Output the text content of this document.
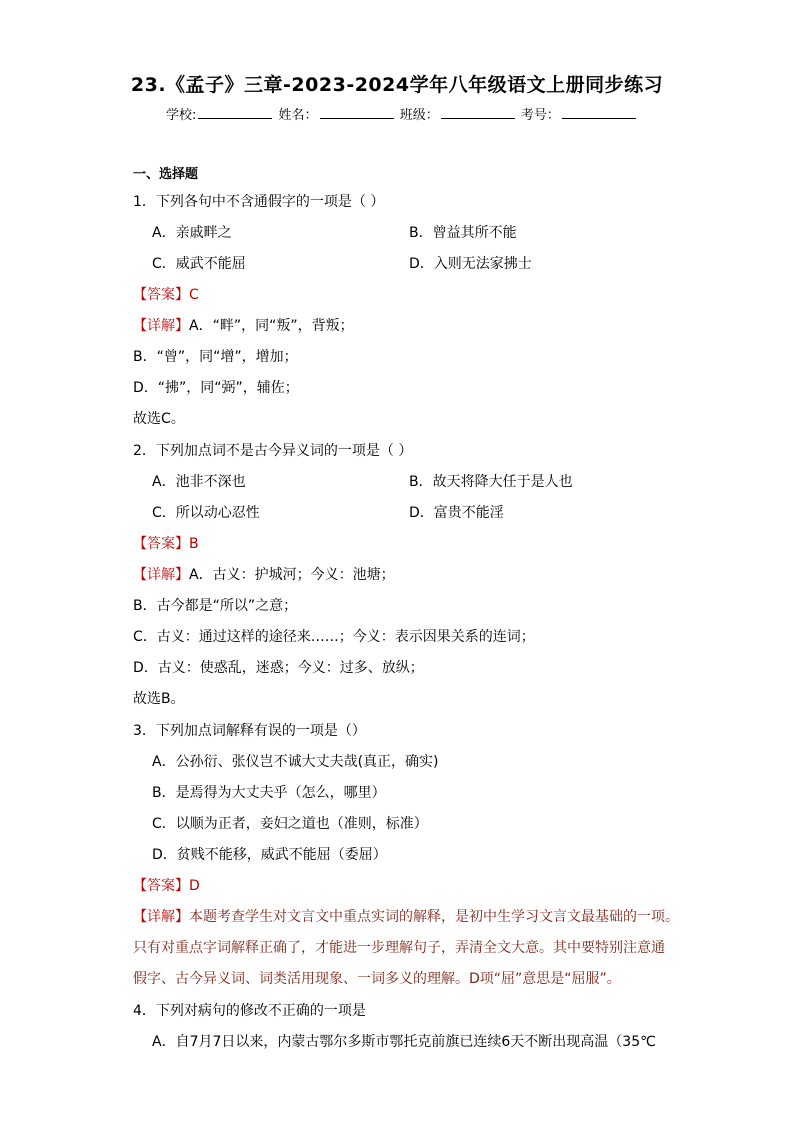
23.《孟子》三章-2023-2024学年八年级语文上册同步练习
学校:	姓名：	班级：	考号：
一、选择题
1．下列各句中不含通假字的一项是（ ）
A．亲戚畔之	B．曾益其所不能
C．威武不能屈	D．入则无法家拂士
【答案】C
【详解】A．“畔”，同“叛”，背叛；
B．“曾”，同“增”，增加；
D．“拂”，同“弼”，辅佐；
故选C。
2．下列加点词不是古今异义词的一项是（ ）
A．池非不深也	B．故天将降大任于是人也
C．所以动心忍性	D．富贵不能淫
【答案】B
【详解】A．古义：护城河；今义：池塘；
B．古今都是“所以”之意；
C．古义：通过这样的途径来……；今义：表示因果关系的连词；
D．古义：使惑乱，迷惑；今义：过多、放纵；
故选B。
3．下列加点词解释有误的一项是（）
A．公孙衍、张仪岂不诚大丈夫哉(真正，确实)
B．是焉得为大丈夫乎（怎么，哪里）
C．以顺为正者，妾妇之道也（准则，标准）
D．贫贱不能移，威武不能屈（委屈）
【答案】D
【详解】本题考查学生对文言文中重点实词的解释，是初中生学习文言文最基础的一项。
只有对重点字词解释正确了，才能进一步理解句子，弄清全文大意。其中要特别注意通
假字、古今异义词、词类活用现象、一词多义的理解。D项“屈”意思是“屈服”。
4．下列对病句的修改不正确的一项是
A．自7月7日以来，内蒙古鄂尔多斯市鄂托克前旗已连续6天不断出现高温（35℃
